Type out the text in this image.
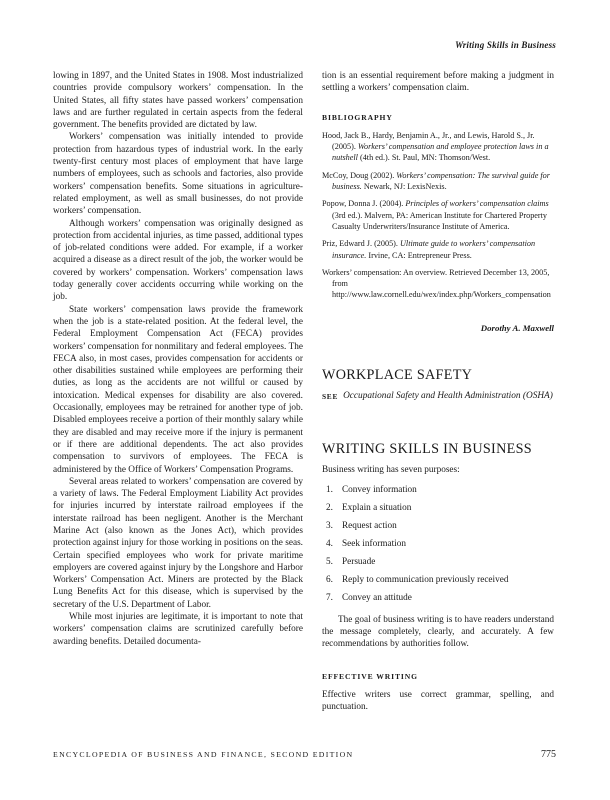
Writing Skills in Business

lowing in 1897, and the United States in 1908. Most industrialized countries provide compulsory workers’ compensation. In the United States, all fifty states have passed workers’ compensation laws and are further regulated in certain aspects from the federal government. The benefits provided are dictated by law.

Workers’ compensation was initially intended to provide protection from hazardous types of industrial work. In the early twenty-first century most places of employment that have large numbers of employees, such as schools and factories, also provide workers’ compensation benefits. Some situations in agriculture-related employment, as well as small businesses, do not provide workers’ compensation.

Although workers’ compensation was originally designed as protection from accidental injuries, as time passed, additional types of job-related conditions were added. For example, if a worker acquired a disease as a direct result of the job, the worker would be covered by workers’ compensation. Workers’ compensation laws today generally cover accidents occurring while working on the job.

State workers’ compensation laws provide the framework when the job is a state-related position. At the federal level, the Federal Employment Compensation Act (FECA) provides workers’ compensation for nonmilitary and federal employees. The FECA also, in most cases, provides compensation for accidents or other disabilities sustained while employees are performing their duties, as long as the accidents are not willful or caused by intoxication. Medical expenses for disability are also covered. Occasionally, employees may be retrained for another type of job. Disabled employees receive a portion of their monthly salary while they are disabled and may receive more if the injury is permanent or if there are additional dependents. The act also provides compensation to survivors of employees. The FECA is administered by the Office of Workers’ Compensation Programs.

Several areas related to workers’ compensation are covered by a variety of laws. The Federal Employment Liability Act provides for injuries incurred by interstate railroad employees if the interstate railroad has been negligent. Another is the Merchant Marine Act (also known as the Jones Act), which provides protection against injury for those working in positions on the seas. Certain specified employees who work for private maritime employers are covered against injury by the Longshore and Harbor Workers’ Compensation Act. Miners are protected by the Black Lung Benefits Act for this disease, which is supervised by the secretary of the U.S. Department of Labor.

While most injuries are legitimate, it is important to note that workers’ compensation claims are scrutinized carefully before awarding benefits. Detailed documenta-

tion is an essential requirement before making a judgment in settling a workers’ compensation claim.

BIBLIOGRAPHY
Hood, Jack B., Hardy, Benjamin A., Jr., and Lewis, Harold S., Jr. (2005). Workers’ compensation and employee protection laws in a nutshell (4th ed.). St. Paul, MN: Thomson/West.
McCoy, Doug (2002). Workers’ compensation: The survival guide for business. Newark, NJ: LexisNexis.
Popow, Donna J. (2004). Principles of workers’ compensation claims (3rd ed.). Malvern, PA: American Institute for Chartered Property Casualty Underwriters/Insurance Institute of America.
Priz, Edward J. (2005). Ultimate guide to workers’ compensation insurance. Irvine, CA: Entrepreneur Press.
Workers’ compensation: An overview. Retrieved December 13, 2005, from http://www.law.cornell.edu/wex/index.php/Workers_compensation
Dorothy A. Maxwell
WORKPLACE SAFETY
SEE Occupational Safety and Health Administration (OSHA)
WRITING SKILLS IN BUSINESS

Business writing has seven purposes:

1. Convey information
2. Explain a situation
3. Request action
4. Seek information
5. Persuade
6. Reply to communication previously received
7. Convey an attitude

The goal of business writing is to have readers understand the message completely, clearly, and accurately. A few recommendations by authorities follow.

EFFECTIVE WRITING

Effective writers use correct grammar, spelling, and punctuation.

ENCYCLOPEDIA OF BUSINESS AND FINANCE, SECOND EDITION	775
